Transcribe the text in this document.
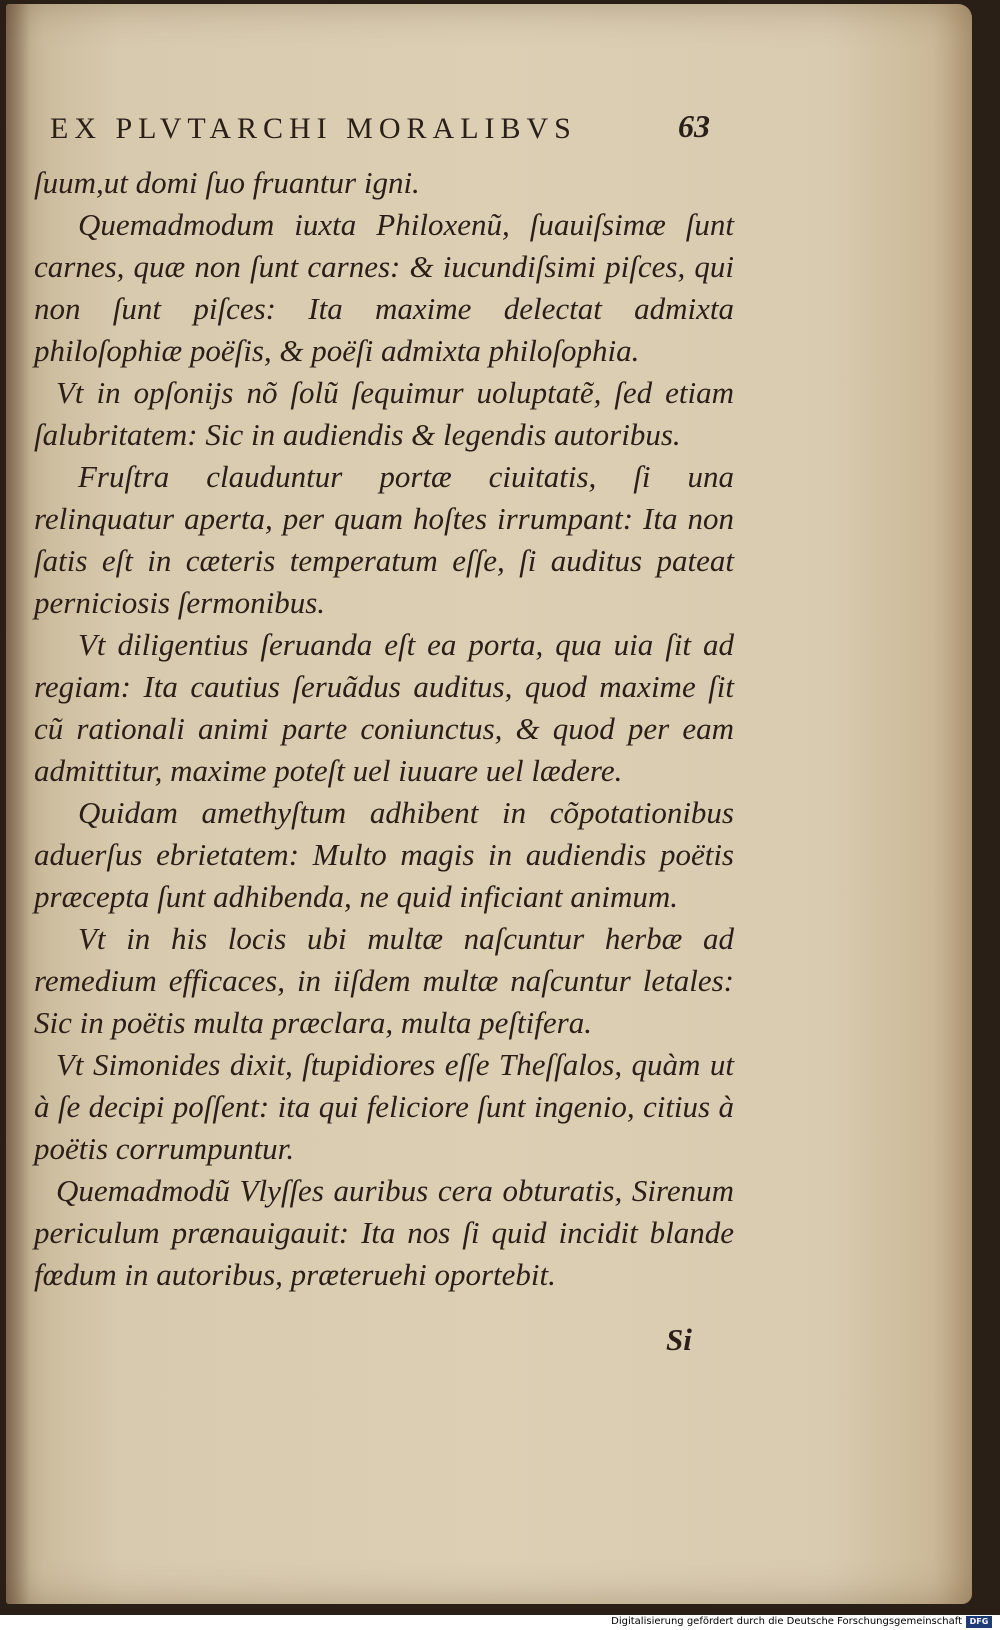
EX PLVTARCHI MORALIBVS	63

ſuum,ut domi ſuo fruantur igni.

Quemadmodum iuxta Philoxenũ, ſuauiſsimæ ſunt carnes, quæ non ſunt carnes: & iucundiſsimi piſces, qui non ſunt piſces: Ita maxime delectat admixta philoſophiæ poëſis, & poëſi admixta philoſophia.

Vt in opſonijs nõ ſolũ ſequimur uoluptatẽ, ſed etiam ſalubritatem: Sic in audiendis & legendis autoribus.

Fruſtra clauduntur portæ ciuitatis, ſi una relinquatur aperta, per quam hoſtes irrumpant: Ita non ſatis eſt in cæteris temperatum eſſe, ſi auditus pateat perniciosis ſermonibus.

Vt diligentius ſeruanda eſt ea porta, qua uia ſit ad regiam: Ita cautius ſeruãdus auditus, quod maxime ſit cũ rationali animi parte coniunctus, & quod per eam admittitur, maxime poteſt uel iuuare uel lædere.

Quidam amethyſtum adhibent in cõpotationibus aduerſus ebrietatem: Multo magis in audiendis poëtis præcepta ſunt adhibenda, ne quid inficiant animum.

Vt in his locis ubi multæ naſcuntur herbæ ad remedium efficaces, in iiſdem multæ naſcuntur letales: Sic in poëtis multa præclara, multa peſtifera.

Vt Simonides dixit, ſtupidiores eſſe Theſſalos, quàm ut à ſe decipi poſſent: ita qui feliciore ſunt ingenio, citius à poëtis corrumpuntur.

Quemadmodũ Vlyſſes auribus cera obturatis, Sirenum periculum prænauigauit: Ita nos ſi quid incidit blande fœdum in autoribus, præteruehi oportebit.

Si
Digitalisierung gefördert durch die Deutsche Forschungsgemeinschaft DFG
